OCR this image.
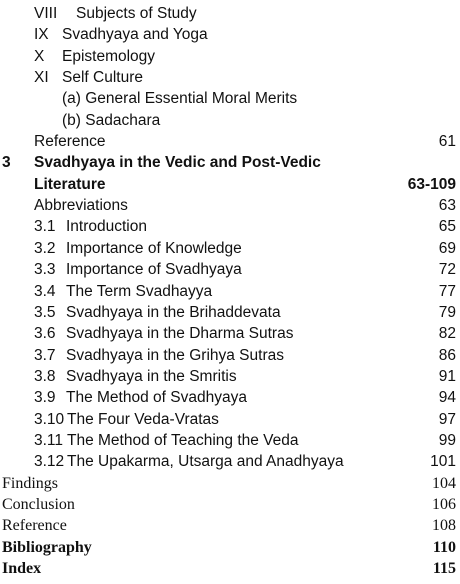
VIII Subjects of Study
IX Svadhyaya and Yoga
X Epistemology
XI Self Culture
(a) General Essential Moral Merits
(b) Sadachara
Reference	61
3 Svadhyaya in the Vedic and Post-Vedic
Literature	63-109
Abbreviations	63
3.1 Introduction	65
3.2 Importance of Knowledge	69
3.3 Importance of Svadhyaya	72
3.4 The Term Svadhayya	77
3.5 Svadhyaya in the Brihaddevata	79
3.6 Svadhyaya in the Dharma Sutras	82
3.7 Svadhyaya in the Grihya Sutras	86
3.8 Svadhyaya in the Smritis	91
3.9 The Method of Svadhyaya	94
3.10 The Four Veda-Vratas	97
3.11 The Method of Teaching the Veda	99
3.12 The Upakarma, Utsarga and Anadhyaya	101
Findings	104
Conclusion	106
Reference	108
Bibliography	110
Index	115
